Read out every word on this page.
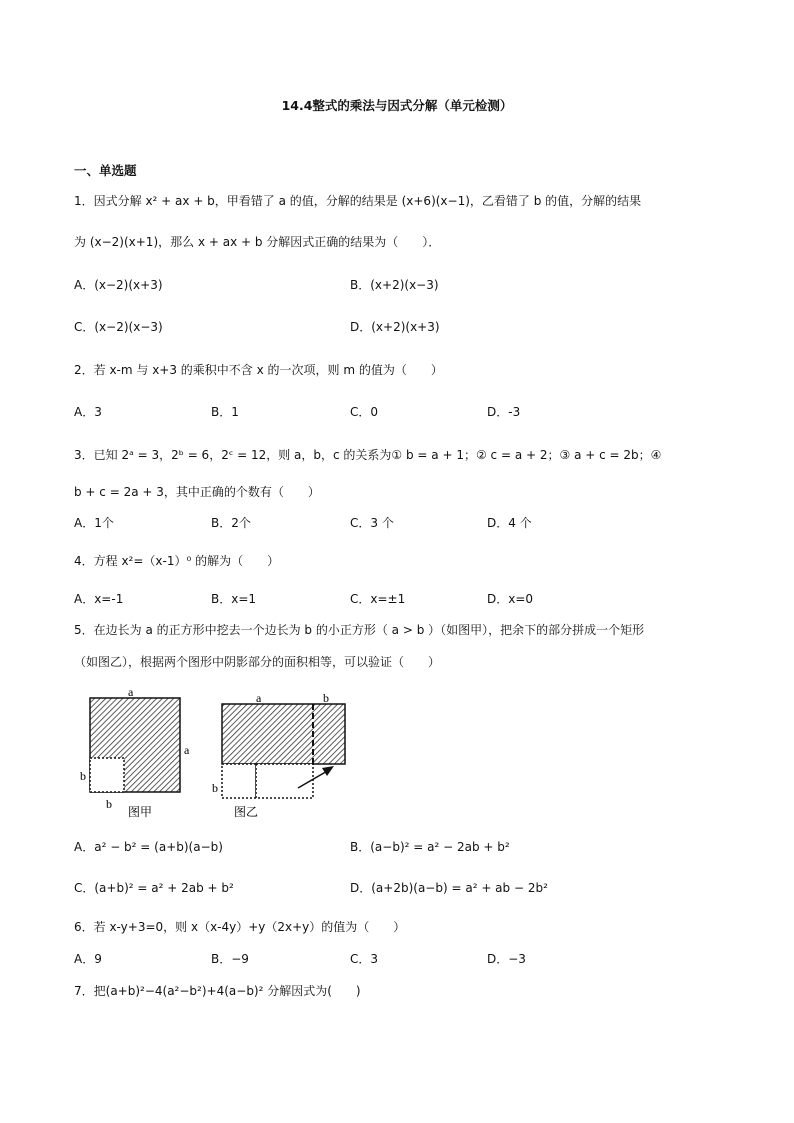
14.4整式的乘法与因式分解（单元检测）
一、单选题
1．因式分解 x² + ax + b，甲看错了 a 的值，分解的结果是 (x+6)(x−1)，乙看错了 b 的值，分解的结果
为 (x−2)(x+1)，那么 x + ax + b 分解因式正确的结果为（　　）．
A．(x−2)(x+3)	B．(x+2)(x−3)
C．(x−2)(x−3)	D．(x+2)(x+3)
2．若 x-m 与 x+3 的乘积中不含 x 的一次项，则 m 的值为（　　）
A．3	B．1	C．0	D．-3
3．已知 2ᵃ = 3，2ᵇ = 6，2ᶜ = 12，则 a，b，c 的关系为① b = a + 1；② c = a + 2；③ a + c = 2b；④
b + c = 2a + 3，其中正确的个数有（　　）
A．1个	B．2个	C．3 个	D．4 个
4．方程 x²=（x-1）⁰ 的解为（　　）
A．x=-1	B．x=1	C．x=±1	D．x=0
5．在边长为 a 的正方形中挖去一个边长为 b 的小正方形（ a > b ）（如图甲），把余下的部分拼成一个矩形
（如图乙），根据两个图形中阴影部分的面积相等，可以验证（　　）
a
a
b
b
图甲
a	b
b
图乙
A．a² − b² = (a+b)(a−b)	B．(a−b)² = a² − 2ab + b²
C．(a+b)² = a² + 2ab + b²	D．(a+2b)(a−b) = a² + ab − 2b²
6．若 x-y+3=0，则 x（x-4y）+y（2x+y）的值为（　　）
A．9	B．−9	C．3	D．−3
7．把(a+b)²−4(a²−b²)+4(a−b)² 分解因式为(　　)
